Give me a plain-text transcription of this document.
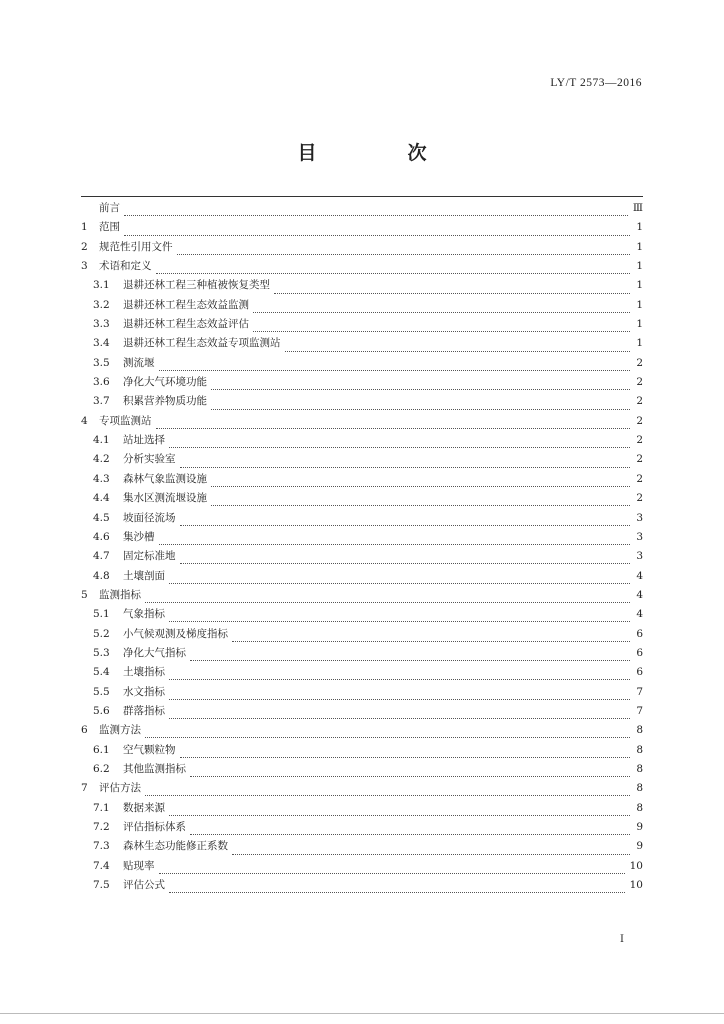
LY/T 2573—2016
目　次
前言	Ⅲ
1	范围	1
2	规范性引用文件	1
3	术语和定义	1
3.1	退耕还林工程三种植被恢复类型	1
3.2	退耕还林工程生态效益监测	1
3.3	退耕还林工程生态效益评估	1
3.4	退耕还林工程生态效益专项监测站	1
3.5	测流堰	2
3.6	净化大气环境功能	2
3.7	积累营养物质功能	2
4	专项监测站	2
4.1	站址选择	2
4.2	分析实验室	2
4.3	森林气象监测设施	2
4.4	集水区测流堰设施	2
4.5	坡面径流场	3
4.6	集沙槽	3
4.7	固定标准地	3
4.8	土壤剖面	4
5	监测指标	4
5.1	气象指标	4
5.2	小气候观测及梯度指标	6
5.3	净化大气指标	6
5.4	土壤指标	6
5.5	水文指标	7
5.6	群落指标	7
6	监测方法	8
6.1	空气颗粒物	8
6.2	其他监测指标	8
7	评估方法	8
7.1	数据来源	8
7.2	评估指标体系	9
7.3	森林生态功能修正系数	9
7.4	贴现率	10
7.5	评估公式	10
Ⅰ
